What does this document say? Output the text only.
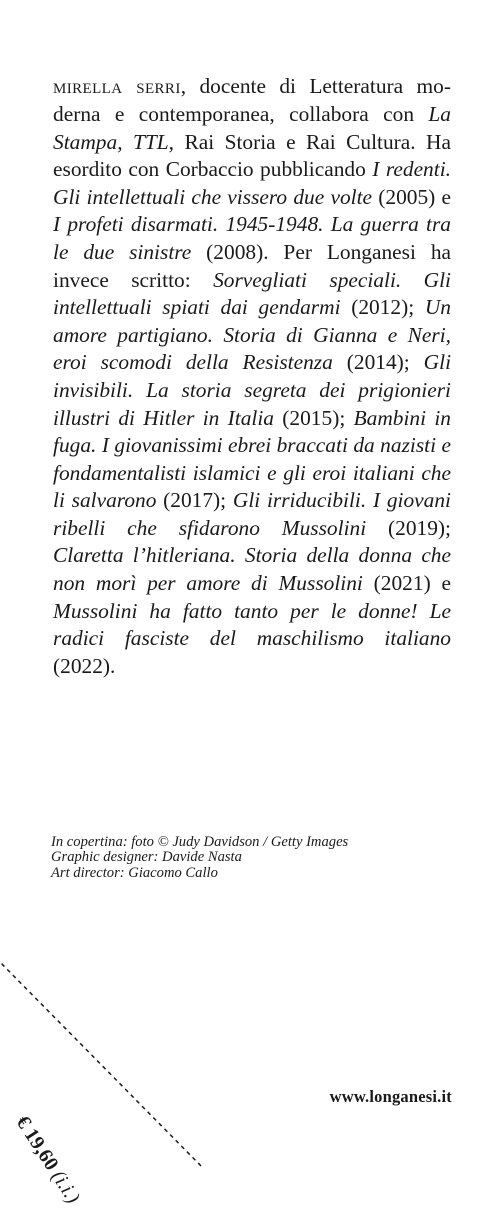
mirella serri, docente di Letteratura moderna e contemporanea, collabora con La Stampa, TTL, Rai Storia e Rai Cultura. Ha esordito con Corbaccio pubblicando I redenti. Gli intellettuali che vissero due volte (2005) e I profeti disarmati. 1945-1948. La guerra tra le due sinistre (2008). Per Longanesi ha invece scritto: Sorvegliati speciali. Gli intellettuali spiati dai gendarmi (2012); Un amore partigiano. Storia di Gianna e Neri, eroi scomodi della Resistenza (2014); Gli invisibili. La storia segreta dei prigionieri illustri di Hitler in Italia (2015); Bambini in fuga. I giovanissimi ebrei braccati da nazisti e fondamentalisti islamici e gli eroi italiani che li salvarono (2017); Gli irriducibili. I giovani ribelli che sfidarono Mussolini (2019); Claretta l’hitleriana. Storia della donna che non morì per amore di Mussolini (2021) e Mussolini ha fatto tanto per le donne! Le radici fasciste del maschilismo italiano (2022).

In copertina: foto © Judy Davidson / Getty Images
Graphic designer: Davide Nasta
Art director: Giacomo Callo
€ 19,60 (i.i.)
www.longanesi.it
